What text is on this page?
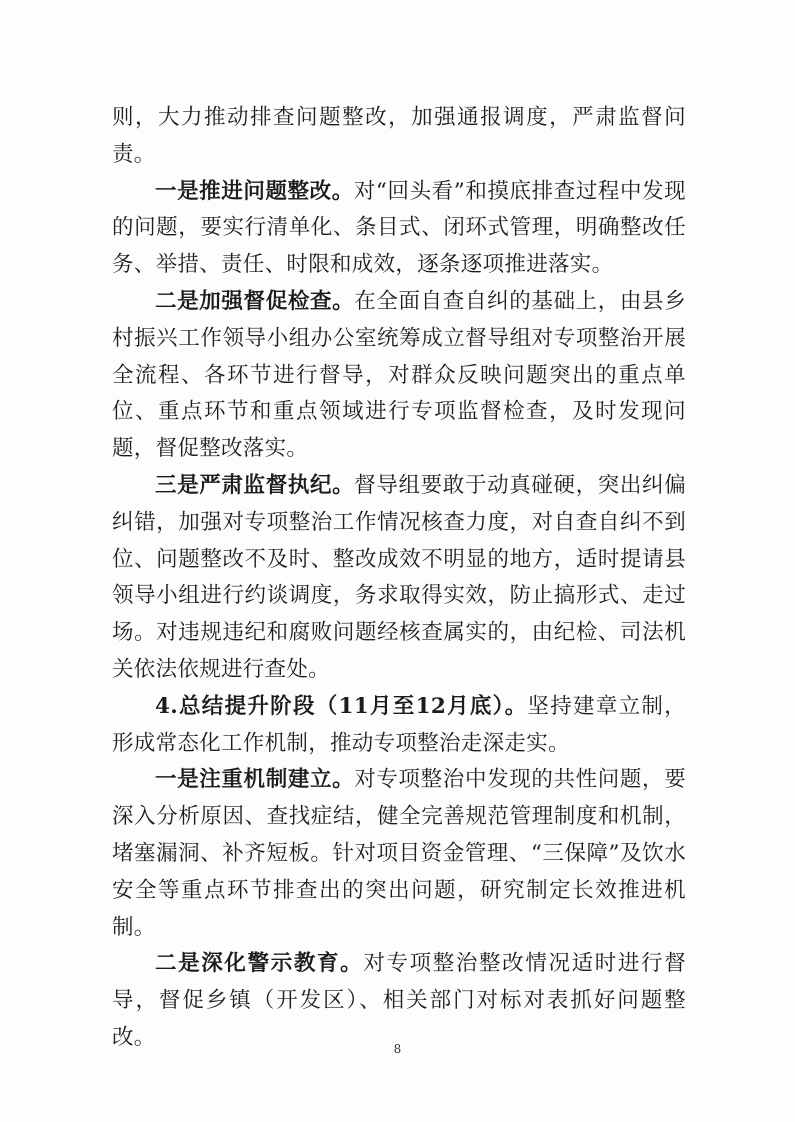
则，大力推动排查问题整改，加强通报调度，严肃监督问责。

一是推进问题整改。对“回头看”和摸底排查过程中发现的问题，要实行清单化、条目式、闭环式管理，明确整改任务、举措、责任、时限和成效，逐条逐项推进落实。

二是加强督促检查。在全面自查自纠的基础上，由县乡村振兴工作领导小组办公室统筹成立督导组对专项整治开展全流程、各环节进行督导，对群众反映问题突出的重点单位、重点环节和重点领域进行专项监督检查，及时发现问题，督促整改落实。

三是严肃监督执纪。督导组要敢于动真碰硬，突出纠偏纠错，加强对专项整治工作情况核查力度，对自查自纠不到位、问题整改不及时、整改成效不明显的地方，适时提请县领导小组进行约谈调度，务求取得实效，防止搞形式、走过场。对违规违纪和腐败问题经核查属实的，由纪检、司法机关依法依规进行查处。

4.总结提升阶段（11月至12月底）。坚持建章立制，形成常态化工作机制，推动专项整治走深走实。

一是注重机制建立。对专项整治中发现的共性问题，要深入分析原因、查找症结，健全完善规范管理制度和机制，堵塞漏洞、补齐短板。针对项目资金管理、“三保障”及饮水安全等重点环节排查出的突出问题，研究制定长效推进机制。

二是深化警示教育。对专项整治整改情况适时进行督导，督促乡镇（开发区）、相关部门对标对表抓好问题整改。	8
